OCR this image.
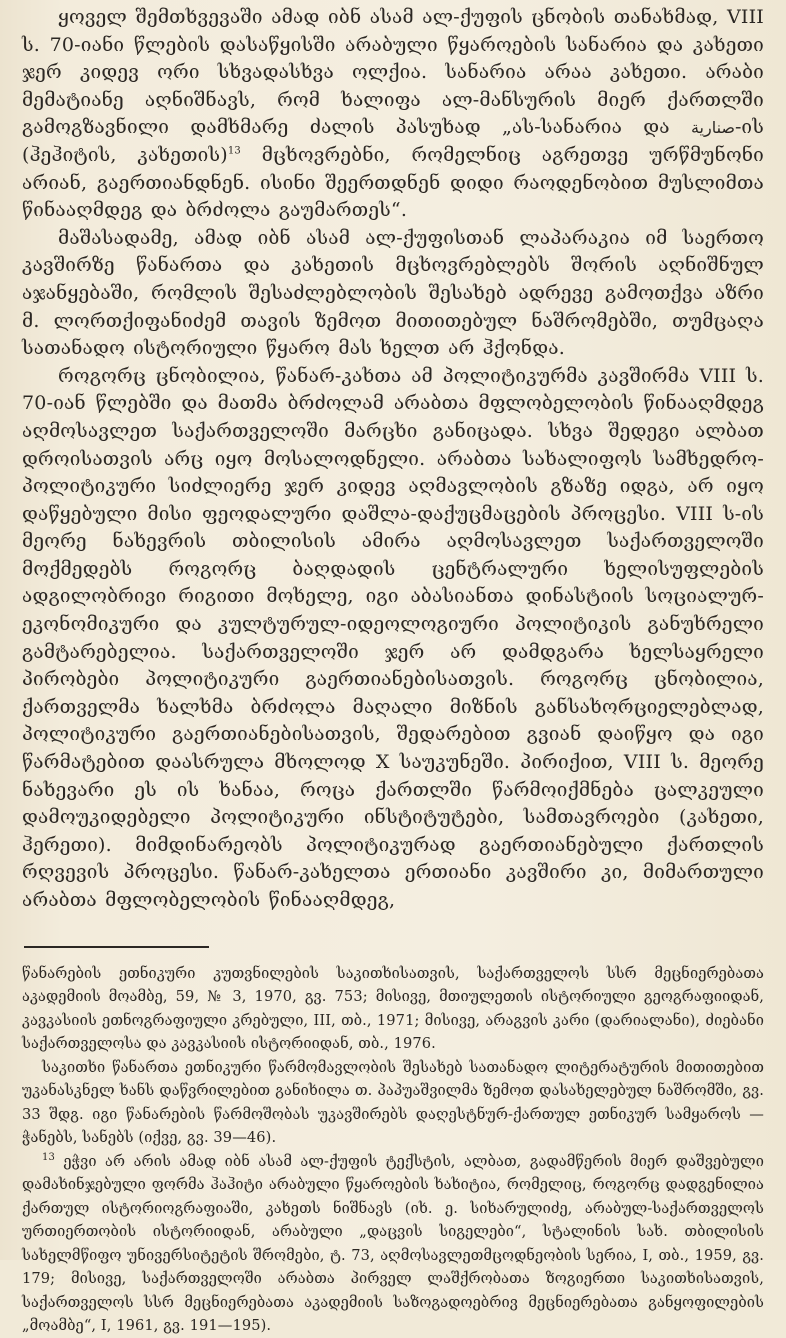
ყოველ შემთხვევაში ამად იბნ ასამ ალ-ქუფის ცნობის თანახმად, VIII ს. 70-იანი წლების დასაწყისში არაბული წყაროების სანარია და კახეთი ჯერ კიდევ ორი სხვადასხვა ოლქია. სანარია არაა კახეთი. არაბი მემატიანე აღნიშნავს, რომ ხალიფა ალ-მანსურის მიერ ქართლში გამოგზავნილი დამხმარე ძალის პასუხად „ას-სანარია და ﺻﻨﺎﺭﻳﺔ-ის (ჰეჰიტის, კახეთის)$^{13}$ მცხოვრებნი, რომელნიც აგრეთვე ურწმუნონი არიან, გაერთიანდნენ. ისინი შეერთდნენ დიდი რაოდენობით მუსლიმთა წინააღმდეგ და ბრძოლა გაუმართეს“.

მაშასადამე, ამად იბნ ასამ ალ-ქუფისთან ლაპარაკია იმ საერთო კავშირზე წანართა და კახეთის მცხოვრებლებს შორის აღნიშნულ აჯანყებაში, რომლის შესაძლებლობის შესახებ ადრევე გამოთქვა აზრი მ. ლორთქიფანიძემ თავის ზემოთ მითითებულ ნაშრომებში, თუმცაღა სათანადო ისტორიული წყარო მას ხელთ არ ჰქონდა.

როგორც ცნობილია, წანარ-კახთა ამ პოლიტიკურმა კავშირმა VIII ს. 70-იან წლებში და მათმა ბრძოლამ არაბთა მფლობელობის წინააღმდეგ აღმოსავლეთ საქართველოში მარცხი განიცადა. სხვა შედეგი ალბათ დროისათვის არც იყო მოსალოდნელი. არაბთა სახალიფოს სამხედრო-პოლიტიკური სიძლიერე ჯერ კიდევ აღმავლობის გზაზე იდგა, არ იყო დაწყებული მისი ფეოდალური დაშლა-დაქუცმაცების პროცესი. VIII ს-ის მეორე ნახევრის თბილისის ამირა აღმოსავლეთ საქართველოში მოქმედებს როგორც ბაღდადის ცენტრალური ხელისუფლების ადგილობრივი რიგითი მოხელე, იგი აბასიანთა დინასტიის სოციალურ-ეკონომიკური და კულტურულ-იდეოლოგიური პოლიტიკის განუხრელი გამტარებელია. საქართველოში ჯერ არ დამდგარა ხელსაყრელი პირობები პოლიტიკური გაერთიანებისათვის. როგორც ცნობილია, ქართველმა ხალხმა ბრძოლა მაღალი მიზნის განსახორციელებლად, პოლიტიკური გაერთიანებისათვის, შედარებით გვიან დაიწყო და იგი წარმატებით დაასრულა მხოლოდ X საუკუნეში. პირიქით, VIII ს. მეორე ნახევარი ეს ის ხანაა, როცა ქართლში წარმოიქმნება ცალკეული დამოუკიდებელი პოლიტიკური ინსტიტუტები, სამთავროები (კახეთი, ჰერეთი). მიმდინარეობს პოლიტიკურად გაერთიანებული ქართლის რღვევის პროცესი. წანარ-კახელთა ერთიანი კავშირი კი, მიმართული არაბთა მფლობელობის წინააღმდეგ,

წანარების ეთნიკური კუთვნილების საკითხისათვის, საქართველოს სსრ მეცნიერებათა აკადემიის მოამბე, 59, № 3, 1970, გვ. 753; მისივე, მთიულეთის ისტორიული გეოგრაფიიდან, კავკასიის ეთნოგრაფიული კრებული, III, თბ., 1971; მისივე, არაგვის კარი (დარიალანი), ძიებანი საქართველოსა და კავკასიის ისტორიიდან, თბ., 1976.

საკითხი წანართა ეთნიკური წარმომავლობის შესახებ სათანადო ლიტერატურის მითითებით უკანასკნელ ხანს დაწვრილებით განიხილა თ. პაპუაშვილმა ზემოთ დასახელებულ ნაშრომში, გვ. 33 შდგ. იგი წანარების წარმოშობას უკავშირებს დაღესტნურ-ქართულ ეთნიკურ სამყაროს — ჭანებს, სანებს (იქვე, გვ. 39—46).

$^{13}$ ეჭვი არ არის ამად იბნ ასამ ალ-ქუფის ტექსტის, ალბათ, გადამწერის მიერ დაშვებული დამახინჯებული ფორმა ჰაჰიტი არაბული წყაროების ხახიტია, რომელიც, როგორც დადგენილია ქართულ ისტორიოგრაფიაში, კახეთს ნიშნავს (იხ. ე. სიხარულიძე, არაბულ-საქართველოს ურთიერთობის ისტორიიდან, არაბული „დაცვის სიგელები“, სტალინის სახ. თბილისის სახელმწიფო უნივერსიტეტის შრომები, ტ. 73, აღმოსავლეთმცოდნეობის სერია, I, თბ., 1959, გვ. 179; მისივე, საქართველოში არაბთა პირველ ლაშქრობათა ზოგიერთი საკითხისათვის, საქართველოს სსრ მეცნიერებათა აკადემიის საზოგადოებრივ მეცნიერებათა განყოფილების „მოამბე“, I, 1961, გვ. 191—195).
